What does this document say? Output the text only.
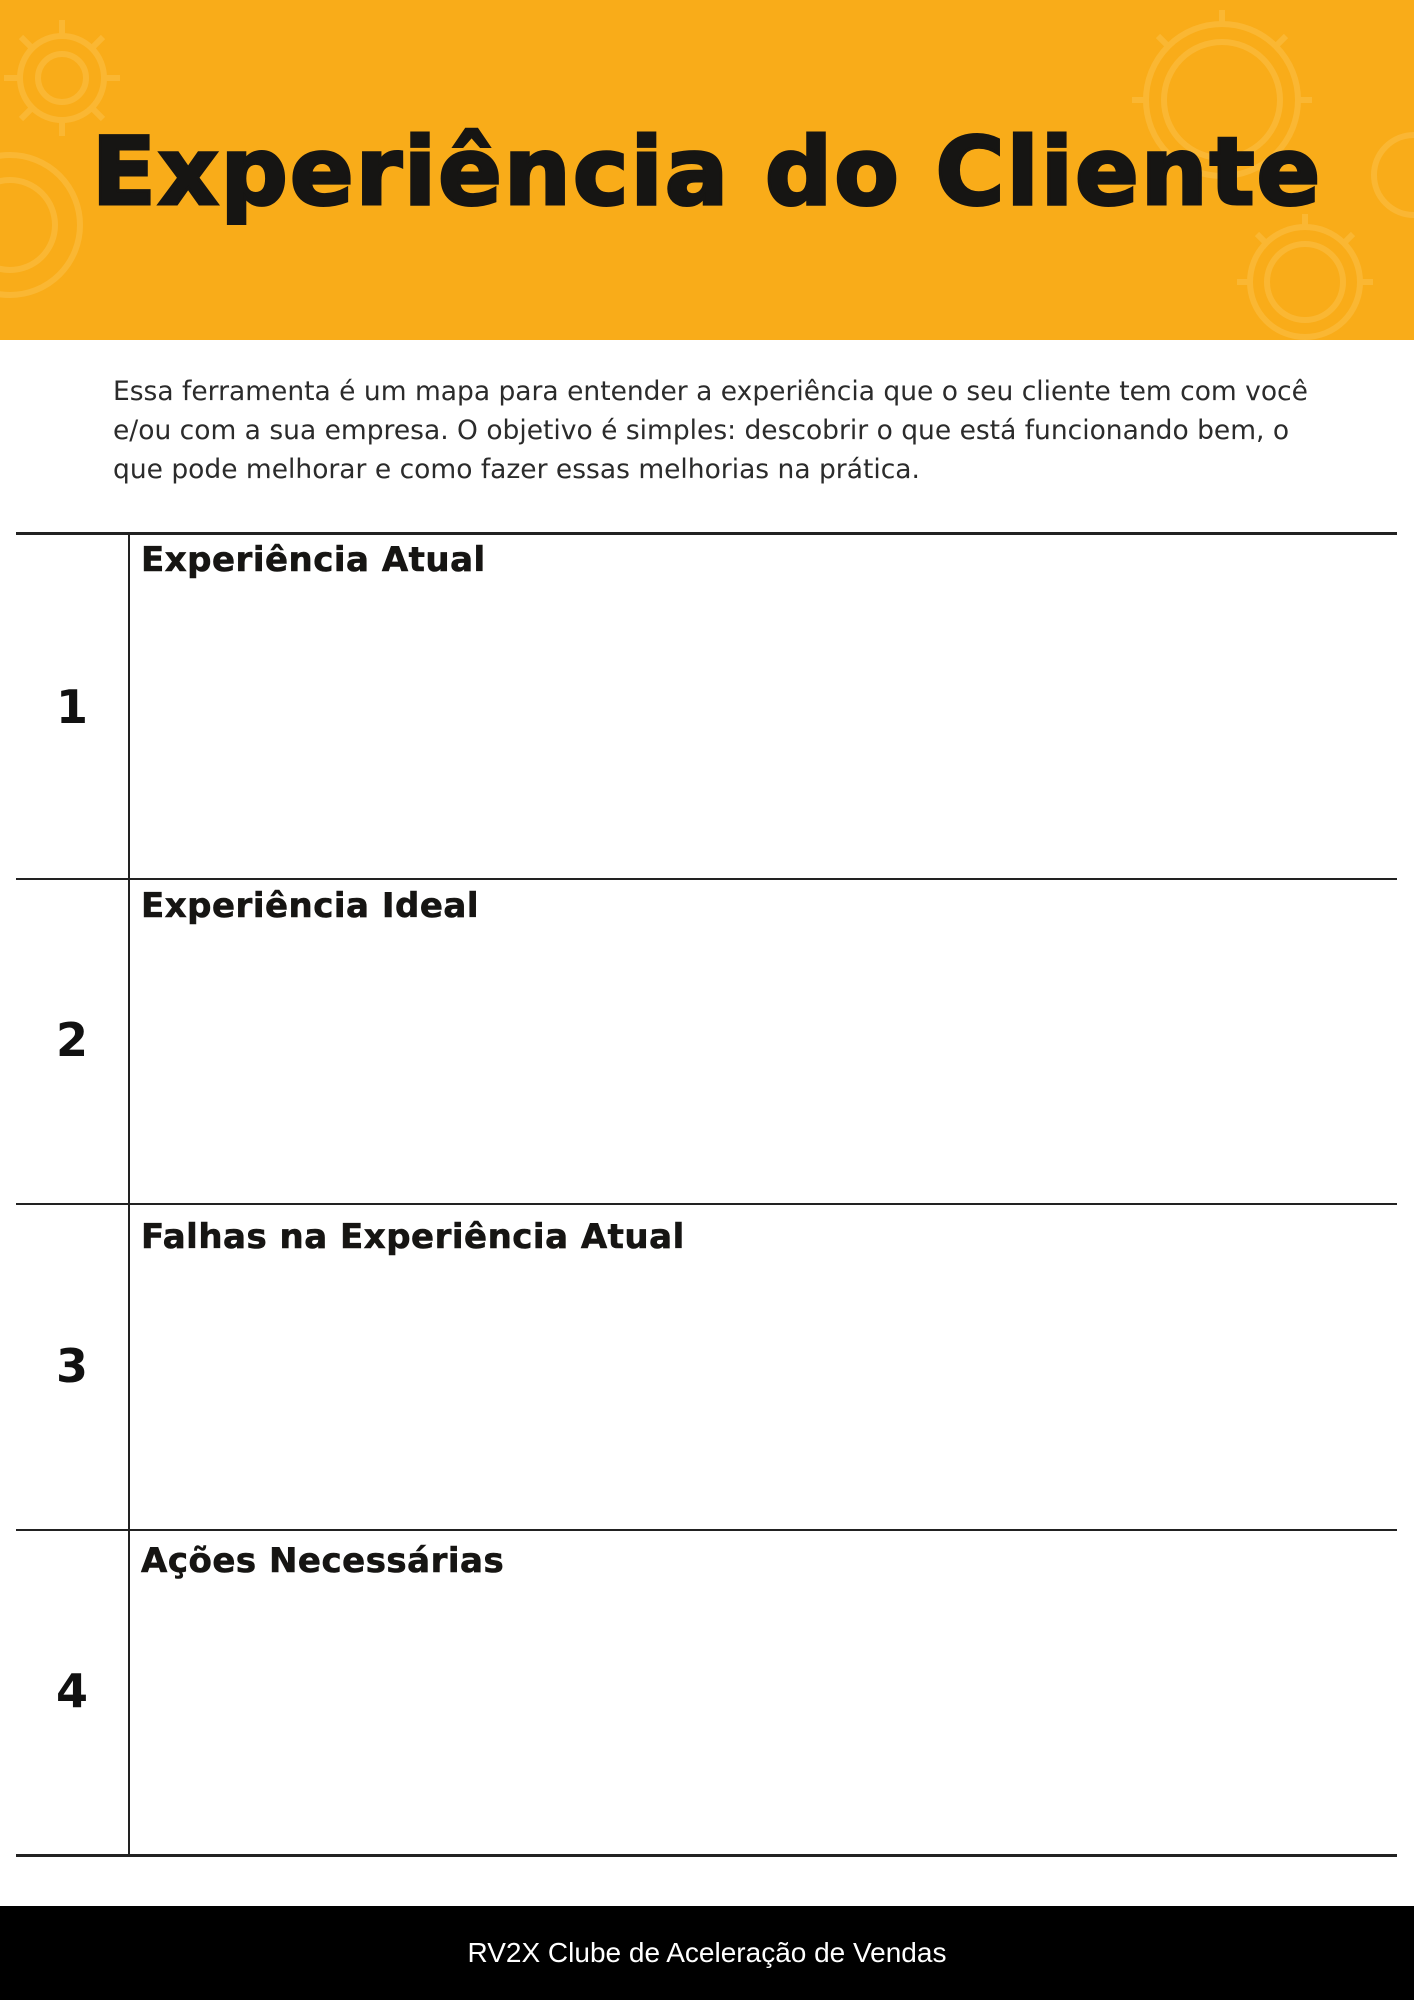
Experiência do Cliente
Essa ferramenta é um mapa para entender a experiência que o seu cliente tem com você e/ou com a sua empresa. O objetivo é simples: descobrir o que está funcionando bem, o que pode melhorar e como fazer essas melhorias na prática.
1
Experiência Atual
2
Experiência Ideal
3
Falhas na Experiência Atual
4
Ações Necessárias
RV2X Clube de Aceleração de Vendas
